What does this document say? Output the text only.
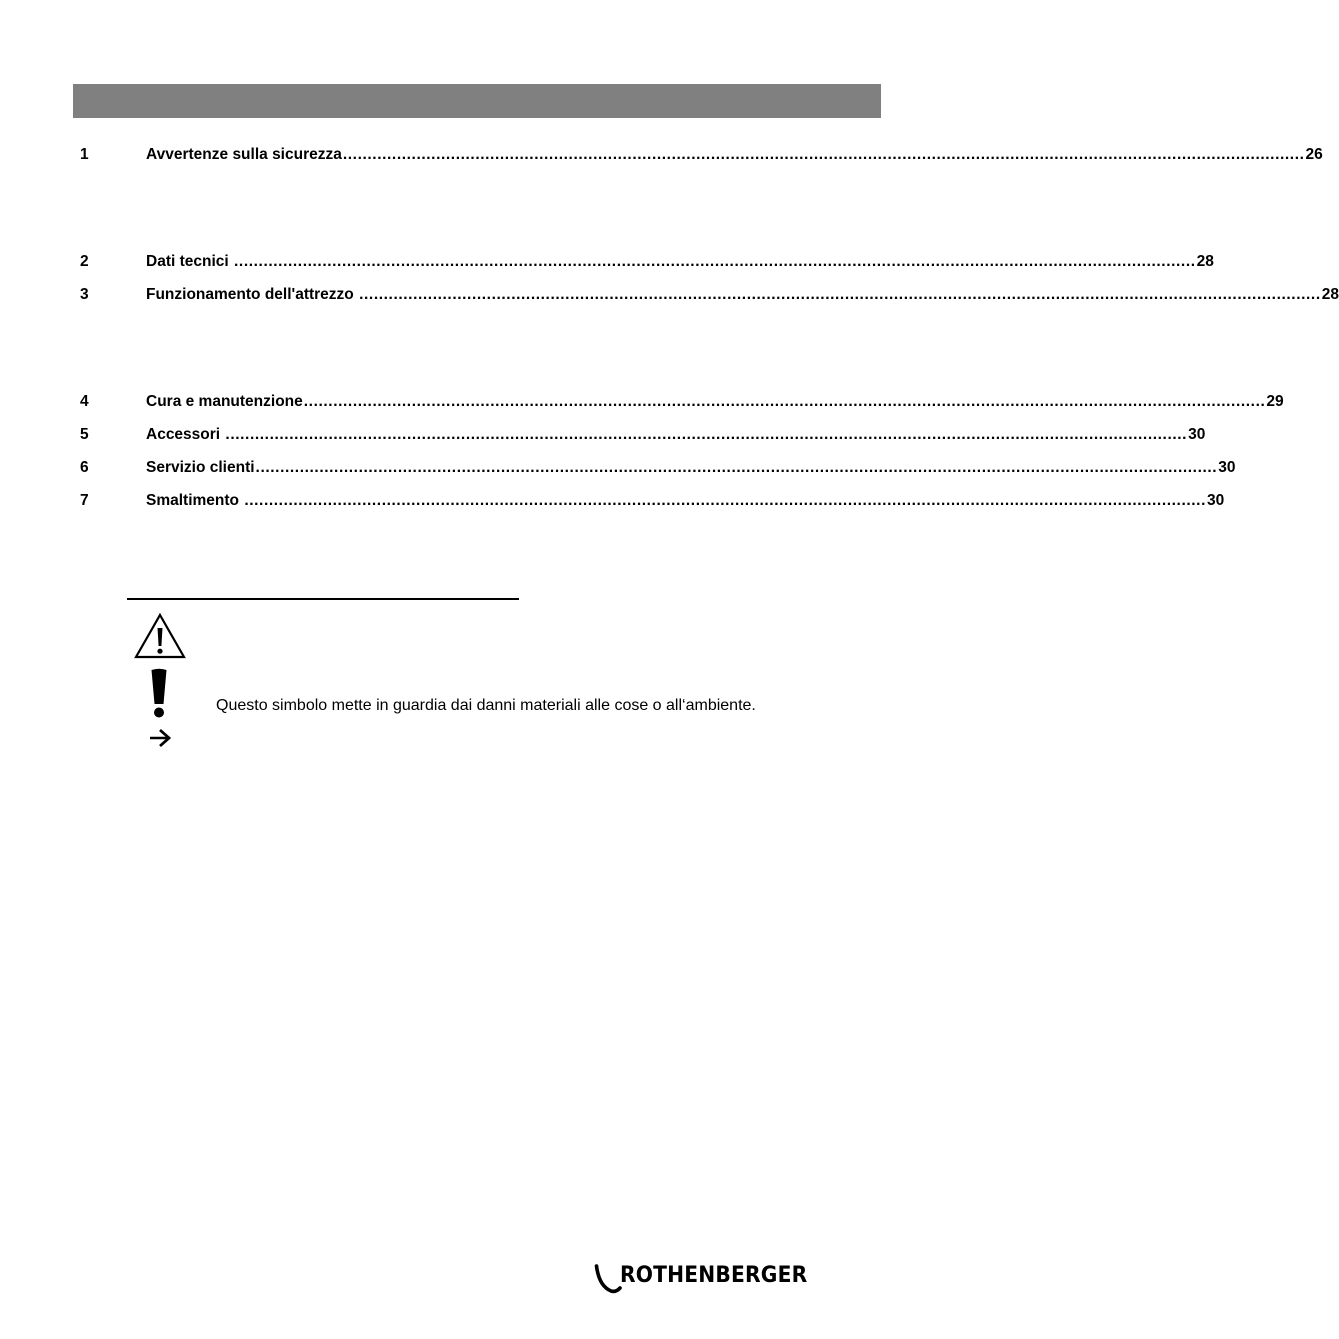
1	Avvertenze sulla sicurezza .................................................................................................................................................................................................... 26
2	Dati tecnici .................................................................................................................................................................................................... 28
3	Funzionamento dell'attrezzo .................................................................................................................................................................................................... 28
4	Cura e manutenzione .................................................................................................................................................................................................... 29
5	Accessori .................................................................................................................................................................................................... 30
6	Servizio clienti .................................................................................................................................................................................................... 30
7	Smaltimento .................................................................................................................................................................................................... 30
Questo simbolo mette in guardia dai danni materiali alle cose o all‘ambiente.
ROTHENBERGER
